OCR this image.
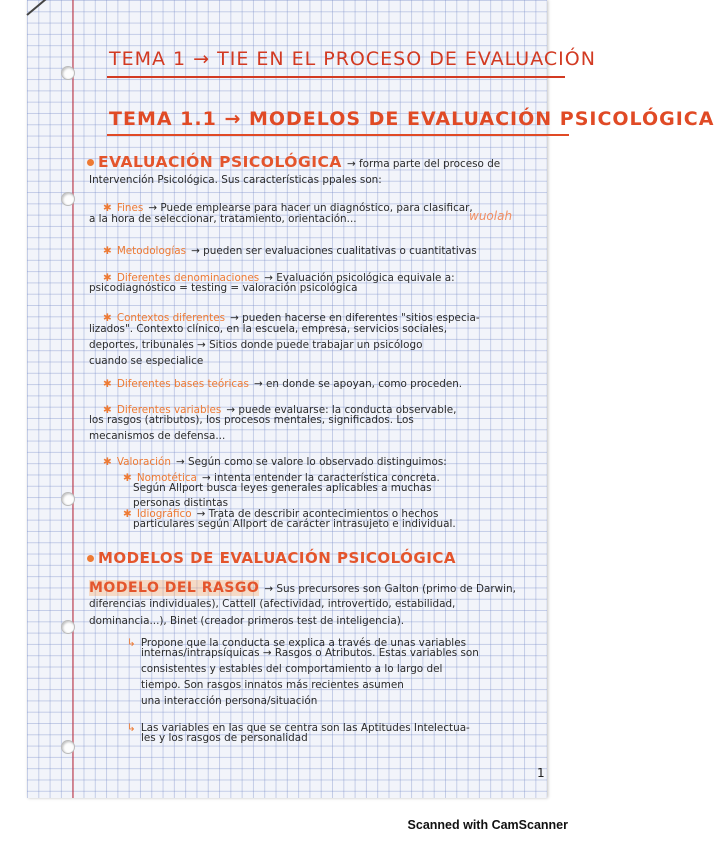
TEMA 1 → TIE EN EL PROCESO DE EVALUACIÓN
TEMA 1.1 → MODELOS DE EVALUACIÓN PSICOLÓGICA
EVALUACIÓN PSICOLÓGICA → forma parte del proceso de
Intervención Psicológica. Sus características ppales son:
✱ Fines → Puede emplearse para hacer un diagnóstico, para clasificar,
a la hora de seleccionar, tratamiento, orientación...	wuolah
✱ Metodologías → pueden ser evaluaciones cualitativas o cuantitativas
✱ Diferentes denominaciones → Evaluación psicológica equivale a:
psicodiagnóstico = testing = valoración psicológica
✱ Contextos diferentes → pueden hacerse en diferentes "sitios especia-
lizados". Contexto clínico, en la escuela, empresa, servicios sociales,
deportes, tribunales → Sitios donde puede trabajar un psicólogo
cuando se especialice
✱ Diferentes bases teóricas → en donde se apoyan, como proceden.
✱ Diferentes variables → puede evaluarse: la conducta observable,
los rasgos (atributos), los procesos mentales, significados. Los
mecanismos de defensa...
✱ Valoración → Según como se valore lo observado distinguimos:
✱ Nomotética → intenta entender la característica concreta.
Según Allport busca leyes generales aplicables a muchas
personas distintas
✱ Idiográfico → Trata de describir acontecimientos o hechos
particulares según Allport de carácter intrasujeto e individual.
MODELOS DE EVALUACIÓN PSICOLÓGICA
MODELO DEL RASGO → Sus precursores son Galton (primo de Darwin,
diferencias individuales), Cattell (afectividad, introvertido, estabilidad,
dominancia...), Binet (creador primeros test de inteligencia).
↳ Propone que la conducta se explica a través de unas variables
internas/intrapsíquicas → Rasgos o Atributos. Estas variables son
consistentes y estables del comportamiento a lo largo del
tiempo. Son rasgos innatos más recientes asumen
una interacción persona/situación
↳ Las variables en las que se centra son las Aptitudes Intelectua-
les y los rasgos de personalidad
1
Scanned with CamScanner
